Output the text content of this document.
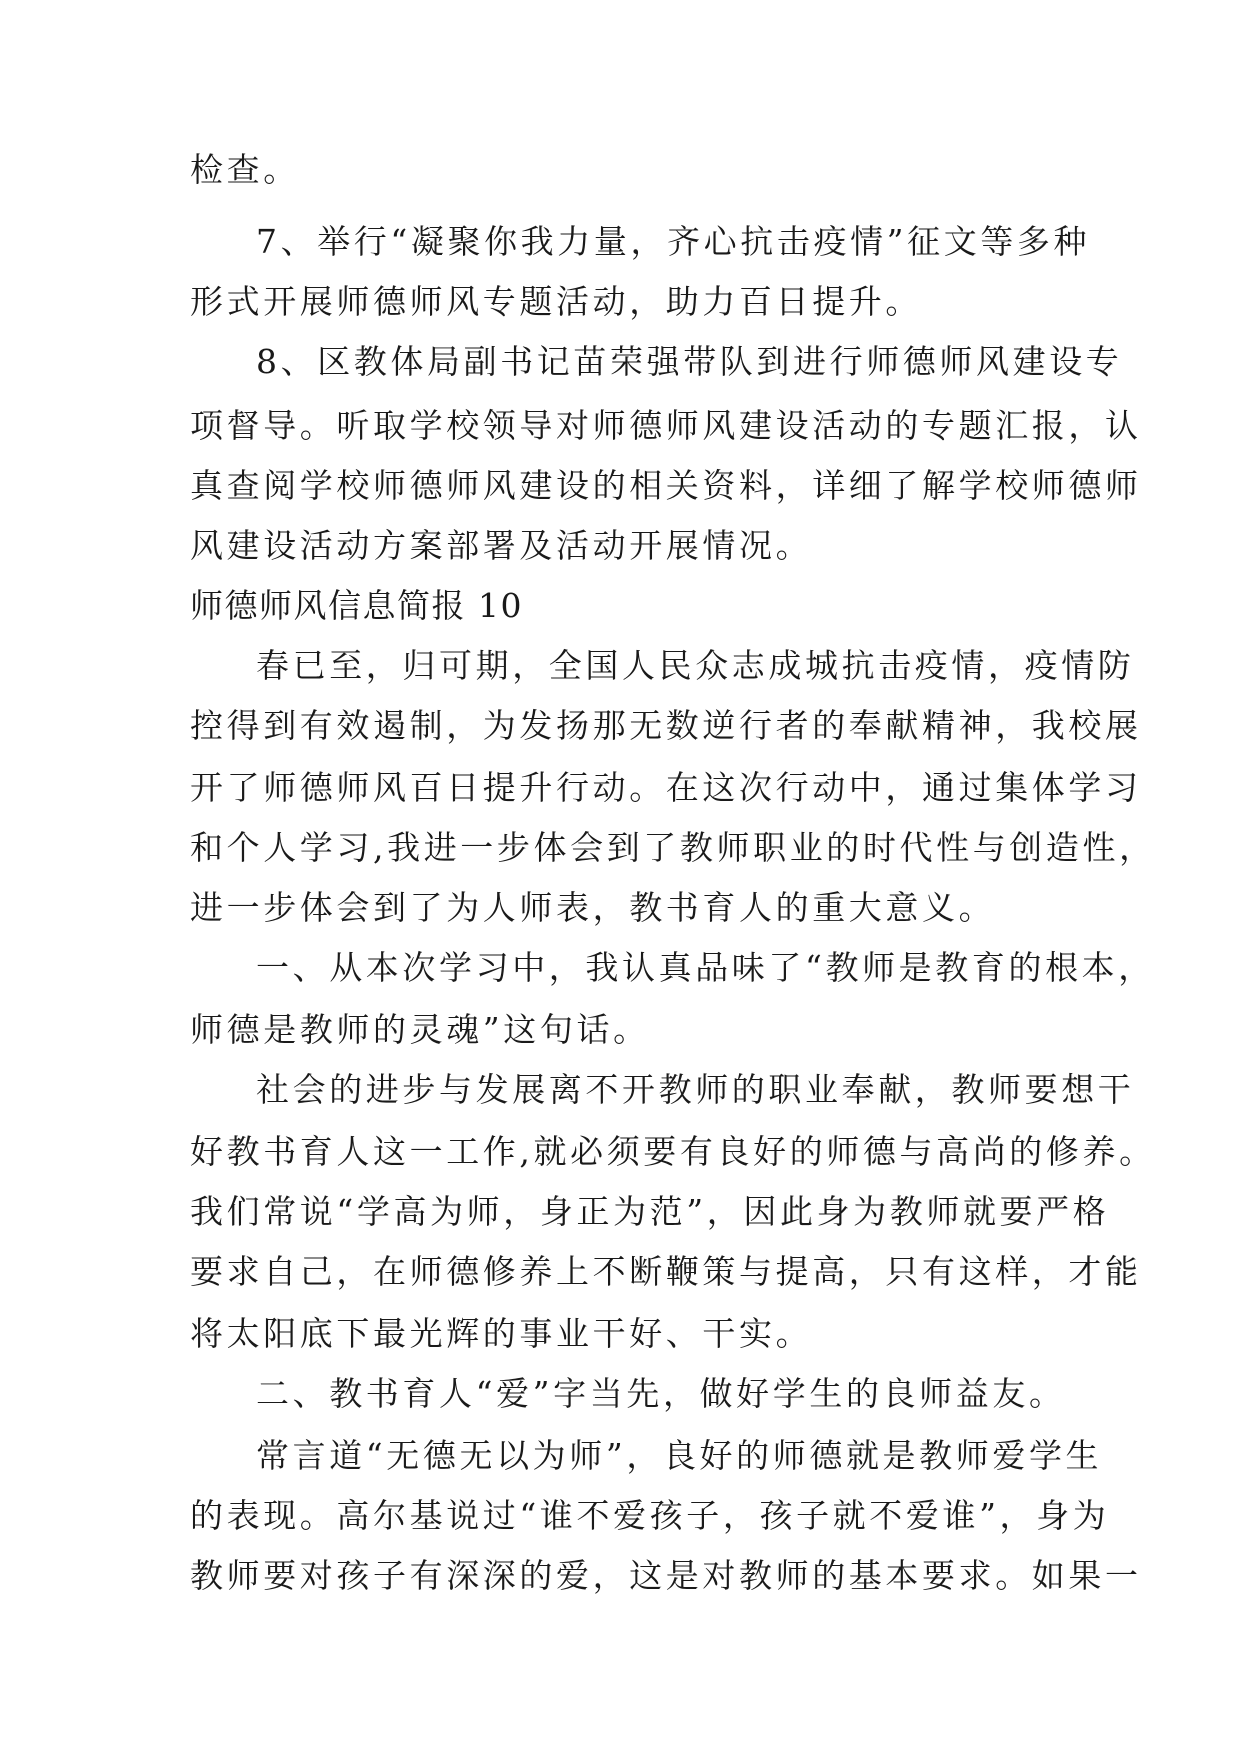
检查。
7、举行“凝聚你我力量，齐心抗击疫情”征文等多种
形式开展师德师风专题活动，助力百日提升。
8、区教体局副书记苗荣强带队到进行师德师风建设专
项督导。听取学校领导对师德师风建设活动的专题汇报，认
真查阅学校师德师风建设的相关资料，详细了解学校师德师
风建设活动方案部署及活动开展情况。
师德师风信息简报 10
春已至，归可期，全国人民众志成城抗击疫情，疫情防
控得到有效遏制，为发扬那无数逆行者的奉献精神，我校展
开了师德师风百日提升行动。在这次行动中，通过集体学习
和个人学习,我进一步体会到了教师职业的时代性与创造性，
进一步体会到了为人师表，教书育人的重大意义。
一、从本次学习中，我认真品味了“教师是教育的根本，
师德是教师的灵魂”这句话。
社会的进步与发展离不开教师的职业奉献，教师要想干
好教书育人这一工作,就必须要有良好的师德与高尚的修养。
我们常说“学高为师，身正为范”，因此身为教师就要严格
要求自己，在师德修养上不断鞭策与提高，只有这样，才能
将太阳底下最光辉的事业干好、干实。
二、教书育人“爱”字当先，做好学生的良师益友。
常言道“无德无以为师”，良好的师德就是教师爱学生
的表现。高尔基说过“谁不爱孩子，孩子就不爱谁”，身为
教师要对孩子有深深的爱，这是对教师的基本要求。如果一
